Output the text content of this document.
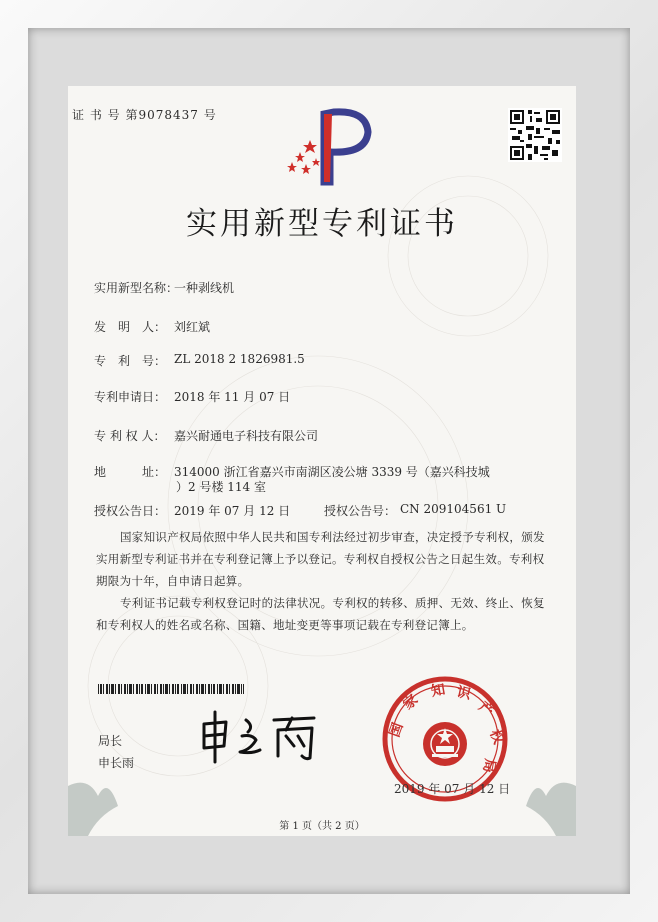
证 书 号 第9078437 号
实用新型专利证书
实用新型名称：
一种剥线机
发　明　人： 刘红斌
专　利　号： ZL 2018 2 1826981.5
专利申请日： 2018 年 11 月 07 日
专 利 权 人： 嘉兴耐通电子科技有限公司
地　　　址： 314000 浙江省嘉兴市南湖区凌公塘 3339 号（嘉兴科技城
）2 号楼 114 室
授权公告日： 2019 年 07 月 12 日	授权公告号： CN 209104561 U
国家知识产权局依照中华人民共和国专利法经过初步审查，决定授予专利权，颁发实用新型专利证书并在专利登记簿上予以登记。专利权自授权公告之日起生效。专利权期限为十年，自申请日起算。
专利证书记载专利权登记时的法律状况。专利权的转移、质押、无效、终止、恢复和专利权人的姓名或名称、国籍、地址变更等事项记载在专利登记簿上。
局长
申长雨
国
家
知 识
产
权
局
2019 年 07 月 12 日
第 1 页（共 2 页）
